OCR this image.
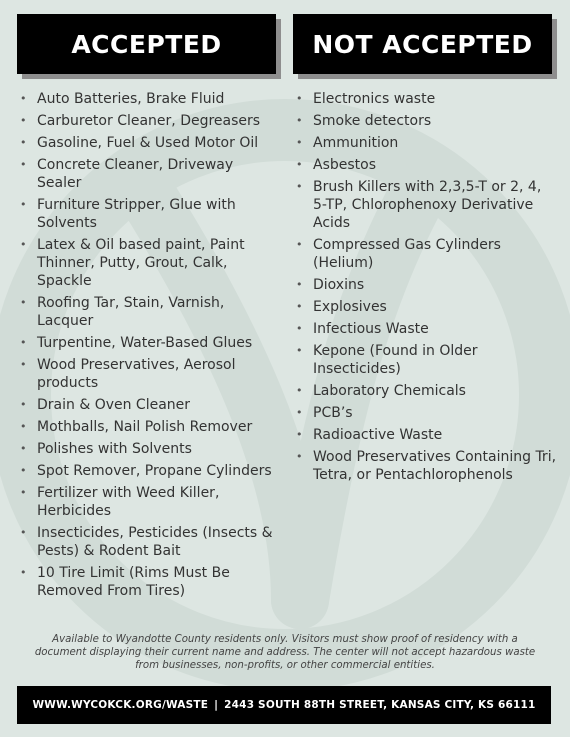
ACCEPTED	NOT ACCEPTED
• Auto Batteries, Brake Fluid
• Carburetor Cleaner, Degreasers
• Gasoline, Fuel & Used Motor Oil
• Concrete Cleaner, Driveway Sealer
• Furniture Stripper, Glue with Solvents
• Latex & Oil based paint, Paint Thinner, Putty, Grout, Calk, Spackle
• Roofing Tar, Stain, Varnish, Lacquer
• Turpentine, Water-Based Glues
• Wood Preservatives, Aerosol products
• Drain & Oven Cleaner
• Mothballs, Nail Polish Remover
• Polishes with Solvents
• Spot Remover, Propane Cylinders
• Fertilizer with Weed Killer, Herbicides
• Insecticides, Pesticides (Insects & Pests) & Rodent Bait
• 10 Tire Limit (Rims Must Be Removed From Tires)
• Electronics waste
• Smoke detectors
• Ammunition
• Asbestos
• Brush Killers with 2,3,5-T or 2, 4, 5-TP, Chlorophenoxy Derivative Acids
• Compressed Gas Cylinders (Helium)
• Dioxins
• Explosives
• Infectious Waste
• Kepone (Found in Older Insecticides)
• Laboratory Chemicals
• PCB’s
• Radioactive Waste
• Wood Preservatives Containing Tri, Tetra, or Pentachlorophenols
Available to Wyandotte County residents only. Visitors must show proof of residency with a document displaying their current name and address. The center will not accept hazardous waste from businesses, non-profits, or other commercial entities.
WWW.WYCOKCK.ORG/WASTE | 2443 SOUTH 88TH STREET, KANSAS CITY, KS 66111
